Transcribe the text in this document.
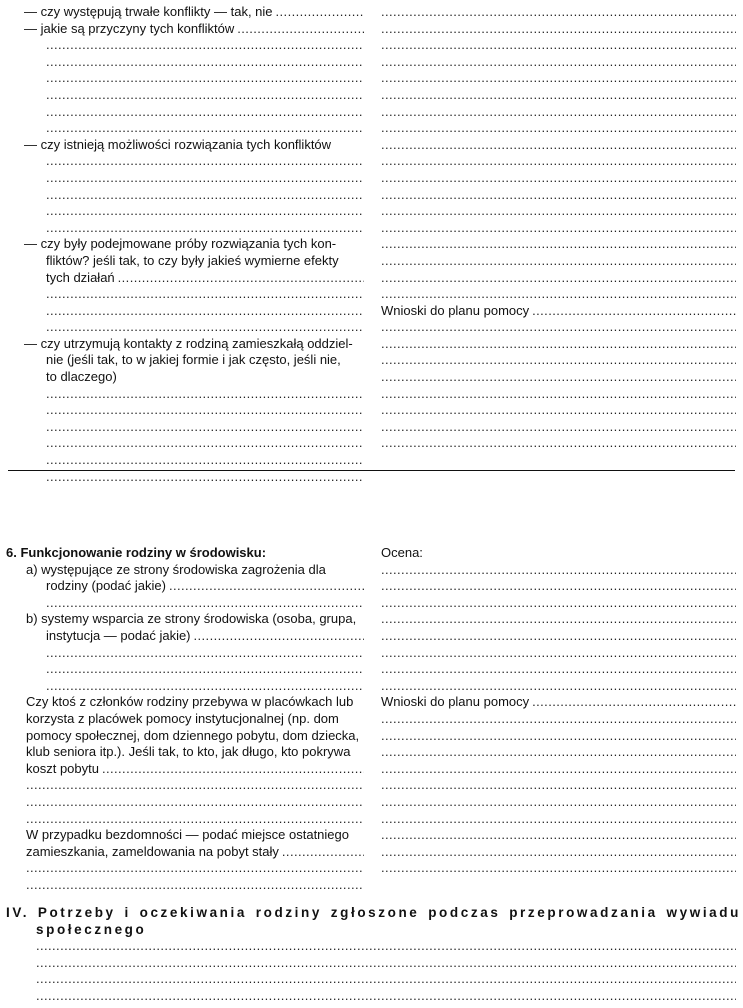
— czy występują trwałe konflikty — tak, nie
.....
— jakie są przyczyny tych konfliktów
.....
.....
.....
.....
.....
.....
.....
— czy istnieją możliwości rozwiązania tych konfliktów
.....
.....
.....
.....
.....
— czy były podejmowane próby rozwiązania tych kon-
fliktów? jeśli tak, to czy były jakieś wymierne efekty
tych działań
.....
.....
.....
.....
— czy utrzymują kontakty z rodziną zamieszkałą oddziel-
nie (jeśli tak, to w jakiej formie i jak często, jeśli nie,
to dlaczego)
.....
.....
.....
.....
.....
.....
.....
.....
.....
.....
.....
.....
.....
.....
.....
.....
.....
.....
.....
.....
.....
.....
.....
.....
Wnioski do planu pomocy
.....
.....
.....
.....
.....
.....
.....
.....
.....
6. Funkcjonowanie rodziny w środowisku:
a) występujące ze strony środowiska zagrożenia dla
rodziny (podać jakie)
.....
.....
b) systemy wsparcia ze strony środowiska (osoba, grupa,
instytucja — podać jakie)
.....
.....
.....
.....
Czy ktoś z członków rodziny przebywa w placówkach lub
korzysta z placówek pomocy instytucjonalnej (np. dom
pomocy społecznej, dom dziennego pobytu, dom dziecka,
klub seniora itp.). Jeśli tak, to kto, jak długo, kto pokrywa
koszt pobytu
.....
.....
.....
.....
W przypadku bezdomności — podać miejsce ostatniego
zamieszkania, zameldowania na pobyt stały
.....
.....
.....
Ocena:
.....
.....
.....
.....
.....
.....
.....
.....
Wnioski do planu pomocy
.....
.....
.....
.....
.....
.....
.....
.....
.....
.....
.....
IV. Potrzeby i oczekiwania rodziny zgłoszone podczas przeprowadzania wywiadu
społecznego
.....
.....
.....
.....
